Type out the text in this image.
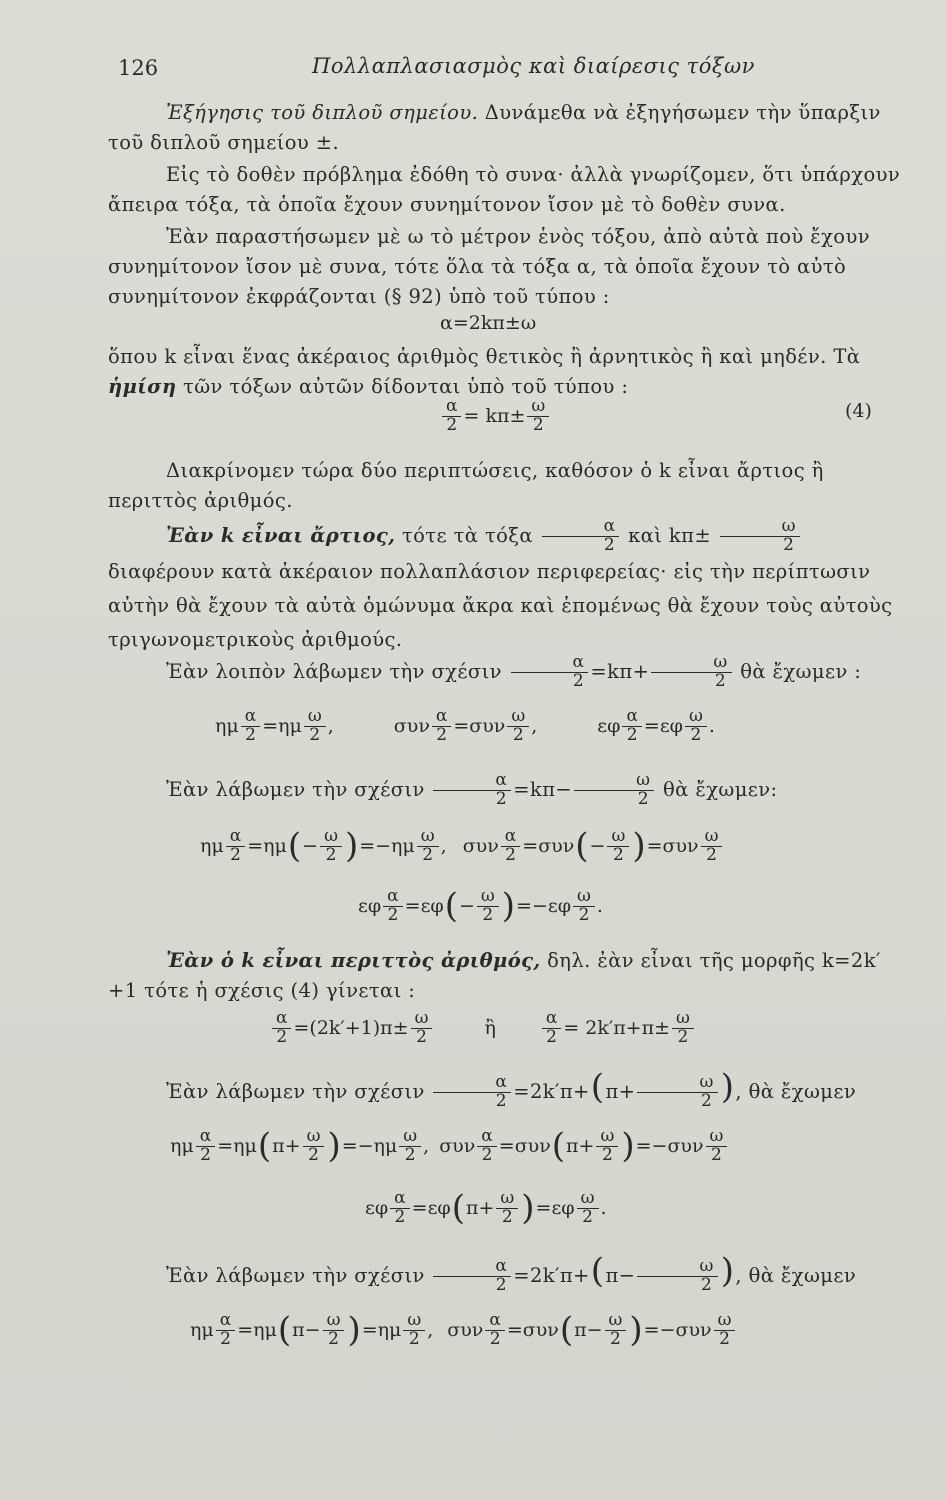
126	Πολλαπλασιασμὸς καὶ διαίρεσις τόξων
Ἐξήγησις τοῦ διπλοῦ σημείου. Δυνάμεθα νὰ ἐξηγήσωμεν τὴν ὕπαρξιν τοῦ διπλοῦ σημείου ±.
Εἰς τὸ δοθὲν πρόβλημα ἐδόθη τὸ συνα· ἀλλὰ γνωρίζομεν, ὅτι ὑπάρχουν ἄπειρα τόξα, τὰ ὁποῖα ἔχουν συνημίτονον ἴσον μὲ τὸ δοθὲν συνα.
Ἐὰν παραστήσωμεν μὲ ω τὸ μέτρον ἑνὸς τόξου, ἀπὸ αὐτὰ ποὺ ἔχουν συνημίτονον ἴσον μὲ συνα, τότε ὅλα τὰ τόξα α, τὰ ὁποῖα ἔχουν τὸ αὐτὸ συνημίτονον ἐκφράζονται (§ 92) ὑπὸ τοῦ τύπου :
α=2kπ±ω
ὅπου k εἶναι ἕνας ἀκέραιος ἀριθμὸς θετικὸς ἢ ἀρνητικὸς ἢ καὶ μηδέν. Τὰ ἡμίση τῶν τόξων αὐτῶν δίδονται ὑπὸ τοῦ τύπου :
$\frac{\alpha}{2} = k\pi\pm \frac{\omega}{2}$	(4)
Διακρίνομεν τώρα δύο περιπτώσεις, καθόσον ὁ k εἶναι ἄρτιος ἢ περιττὸς ἀριθμός.
Ἐὰν k εἶναι ἄρτιος, τότε τὰ τόξα $\frac{\alpha}{2}$ καὶ $k\pi\pm \frac{\omega}{2}$
διαφέρουν κατὰ ἀκέραιον πολλαπλάσιον περιφερείας· εἰς τὴν περίπτωσιν αὐτὴν θὰ ἔχουν τὰ αὐτὰ ὁμώνυμα ἄκρα καὶ ἑπομένως θὰ ἔχουν τοὺς αὐτοὺς τριγωνομετρικοὺς ἀριθμούς.
Ἐὰν λοιπὸν λάβωμεν τὴν σχέσιν $\frac{\alpha}{2} =k\pi+ \frac{\omega}{2}$ θὰ ἔχωμεν :
ημ $\frac{\alpha}{2} = \eta\mu \frac{\omega}{2}$ ,	συν $\frac{\alpha}{2} = \sigma\upsilon\nu \frac{\omega}{2}$ ,	εφ $\frac{\alpha}{2} = \varepsilon\varphi \frac{\omega}{2}$ .
Ἐὰν λάβωμεν τὴν σχέσιν $\frac{\alpha}{2} =k\pi- \frac{\omega}{2}$ θὰ ἔχωμεν:
ημ $\frac{\alpha}{2} = \eta\mu$ ( − $\frac{\omega}{2}$ ) =− ημ $\frac{\omega}{2}$ , συν $\frac{\alpha}{2} = \sigma\upsilon\nu$ ( − $\frac{\omega}{2}$ ) = συν $\frac{\omega}{2}$
εφ $\frac{\alpha}{2} = \varepsilon\varphi$ ( − $\frac{\omega}{2}$ ) =− εφ $\frac{\omega}{2}$ .
Ἐὰν ὁ k εἶναι περιττὸς ἀριθμός, δηλ. ἐὰν εἶναι τῆς μορφῆς k=2k′+1 τότε ἡ σχέσις (4) γίνεται :
$\frac{\alpha}{2} =(2k'+1)\pi\pm \frac{\omega}{2}$	ἢ	$\frac{\alpha}{2} = 2k'\pi+\pi\pm \frac{\omega}{2}$
Ἐὰν λάβωμεν τὴν σχέσιν $\frac{\alpha}{2} =2k'\pi+(\pi+ \frac{\omega}{2}$ ), θὰ ἔχωμεν
ημ $\frac{\alpha}{2} = \eta\mu$ ( $\pi+ \frac{\omega}{2}$ ) =− ημ $\frac{\omega}{2}$ , συν $\frac{\alpha}{2} = \sigma\upsilon\nu$ ( $\pi+ \frac{\omega}{2}$ ) =− συν $\frac{\omega}{2}$
εφ $\frac{\alpha}{2} = \varepsilon\varphi$ ( $\pi+ \frac{\omega}{2}$ ) = εφ $\frac{\omega}{2}$ .
Ἐὰν λάβωμεν τὴν σχέσιν $\frac{\alpha}{2} =2k'\pi+(\pi- \frac{\omega}{2}$ ), θὰ ἔχωμεν
ημ $\frac{\alpha}{2} = \eta\mu$ ( $\pi- \frac{\omega}{2}$ ) = ημ $\frac{\omega}{2}$ , συν $\frac{\alpha}{2} = \sigma\upsilon\nu$ ( $\pi- \frac{\omega}{2}$ ) =− συν $\frac{\omega}{2}$
